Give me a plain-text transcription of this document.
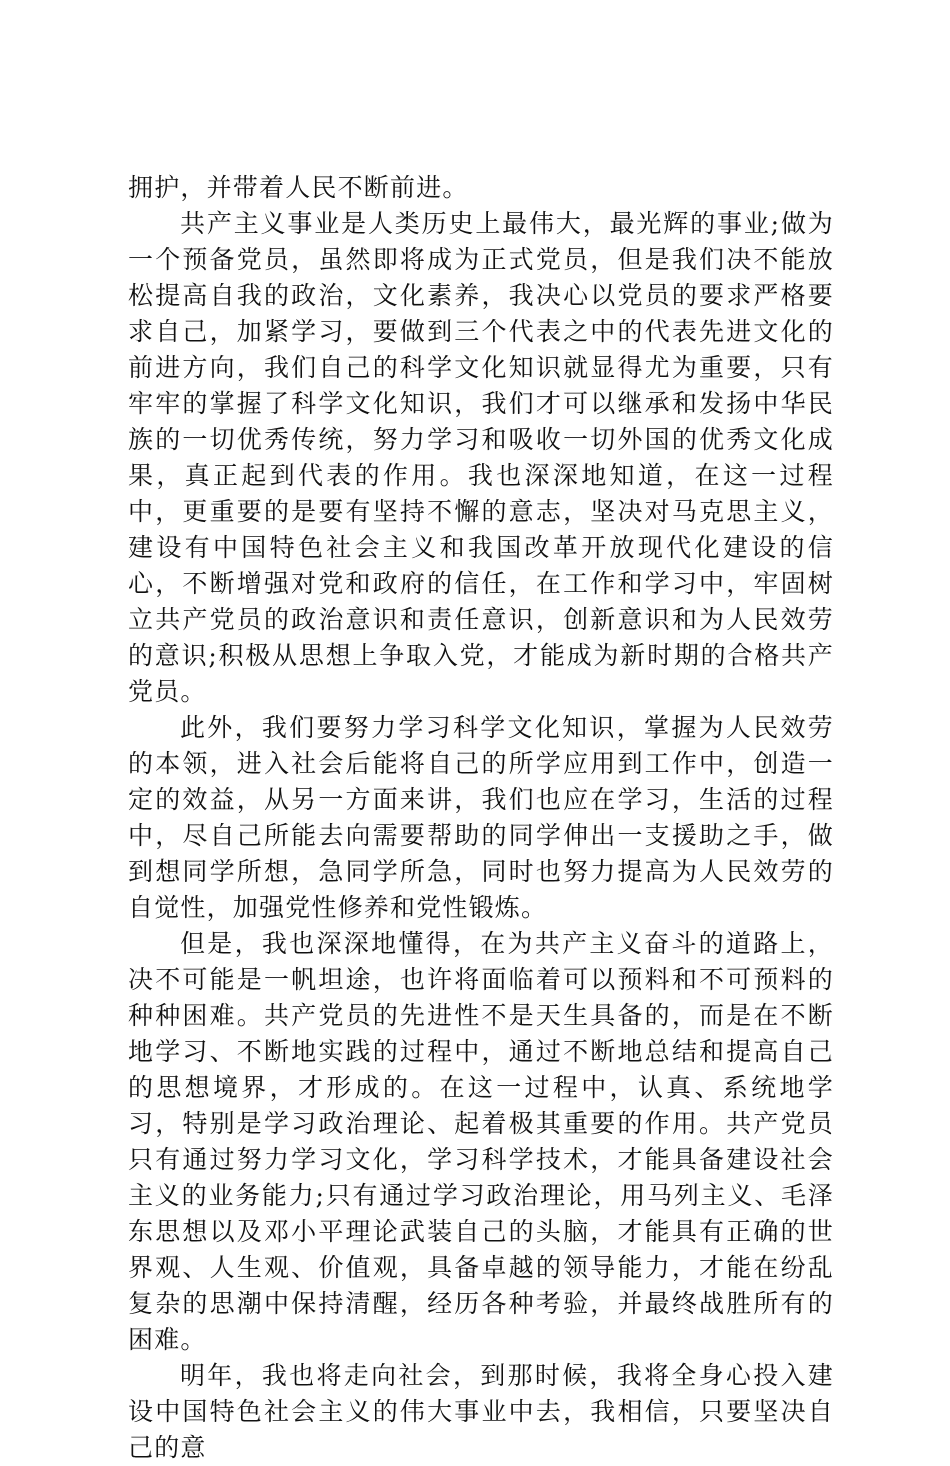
拥护，并带着人民不断前进。

共产主义事业是人类历史上最伟大，最光辉的事业;做为一个预备党员，虽然即将成为正式党员，但是我们决不能放松提高自我的政治，文化素养，我决心以党员的要求严格要求自己，加紧学习，要做到三个代表之中的代表先进文化的前进方向，我们自己的科学文化知识就显得尤为重要，只有牢牢的掌握了科学文化知识，我们才可以继承和发扬中华民族的一切优秀传统，努力学习和吸收一切外国的优秀文化成果，真正起到代表的作用。我也深深地知道，在这一过程中，更重要的是要有坚持不懈的意志，坚决对马克思主义，建设有中国特色社会主义和我国改革开放现代化建设的信心，不断增强对党和政府的信任，在工作和学习中，牢固树立共产党员的政治意识和责任意识，创新意识和为人民效劳的意识;积极从思想上争取入党，才能成为新时期的合格共产党员。

此外，我们要努力学习科学文化知识，掌握为人民效劳的本领，进入社会后能将自己的所学应用到工作中，创造一定的效益，从另一方面来讲，我们也应在学习，生活的过程中，尽自己所能去向需要帮助的同学伸出一支援助之手，做到想同学所想，急同学所急，同时也努力提高为人民效劳的自觉性，加强党性修养和党性锻炼。

但是，我也深深地懂得，在为共产主义奋斗的道路上，决不可能是一帆坦途，也许将面临着可以预料和不可预料的种种困难。共产党员的先进性不是天生具备的，而是在不断地学习、不断地实践的过程中，通过不断地总结和提高自己的思想境界，才形成的。在这一过程中，认真、系统地学习，特别是学习政治理论、起着极其重要的作用。共产党员只有通过努力学习文化，学习科学技术，才能具备建设社会主义的业务能力;只有通过学习政治理论，用马列主义、毛泽东思想以及邓小平理论武装自己的头脑，才能具有正确的世界观、人生观、价值观，具备卓越的领导能力，才能在纷乱复杂的思潮中保持清醒，经历各种考验，并最终战胜所有的困难。

明年，我也将走向社会，到那时候，我将全身心投入建设中国特色社会主义的伟大事业中去，我相信，只要坚决自己的意
